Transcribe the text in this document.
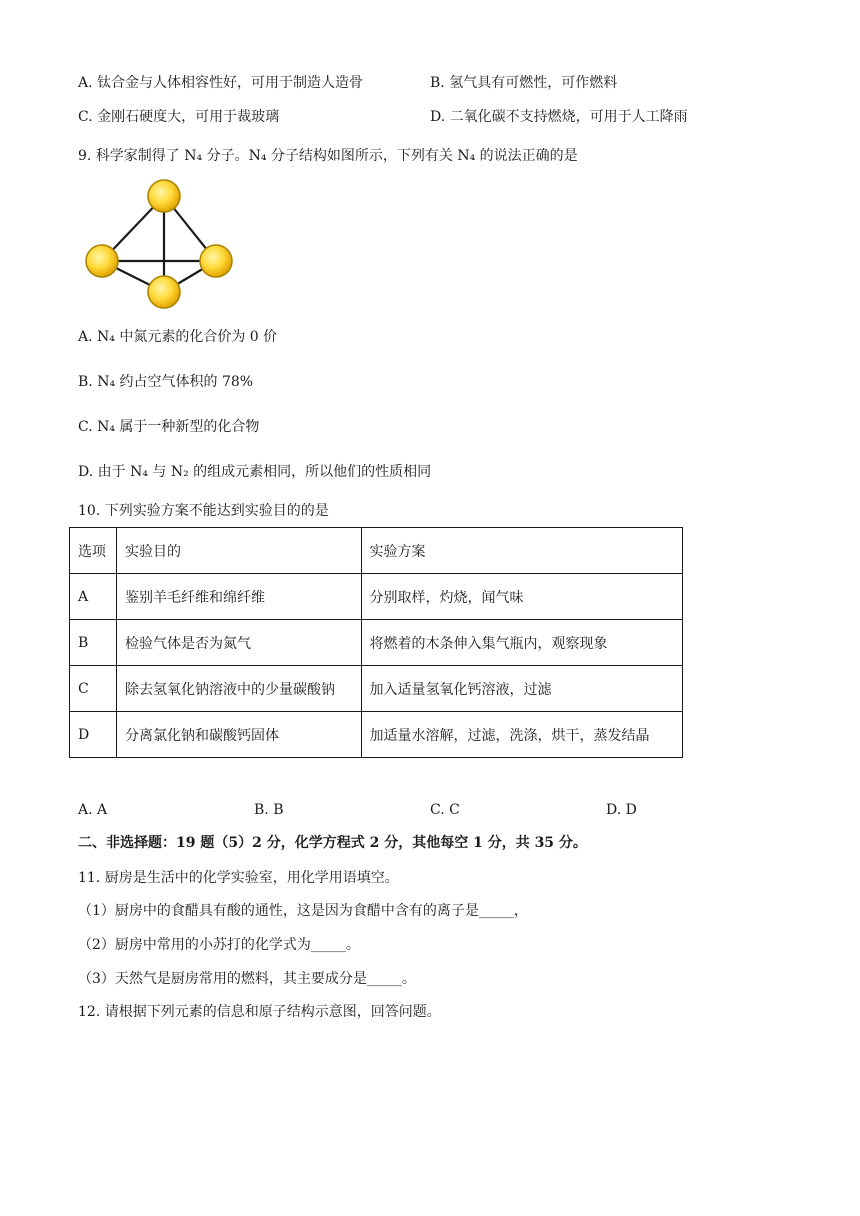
A. 钛合金与人体相容性好，可用于制造人造骨	B. 氢气具有可燃性，可作燃料
C. 金刚石硬度大，可用于裁玻璃	D. 二氧化碳不支持燃烧，可用于人工降雨
9. 科学家制得了 N₄ 分子。N₄ 分子结构如图所示，下列有关 N₄ 的说法正确的是
A. N₄ 中氮元素的化合价为 0 价
B. N₄ 约占空气体积的 78%
C. N₄ 属于一种新型的化合物
D. 由于 N₄ 与 N₂ 的组成元素相同，所以他们的性质相同
10. 下列实验方案不能达到实验目的的是
选项	实验目的	实验方案
A	鉴别羊毛纤维和绵纤维	分别取样，灼烧，闻气味
B	检验气体是否为氮气	将燃着的木条伸入集气瓶内，观察现象
C	除去氢氧化钠溶液中的少量碳酸钠	加入适量氢氧化钙溶液，过滤
D	分离氯化钠和碳酸钙固体	加适量水溶解，过滤，洗涤，烘干，蒸发结晶
A. A	B. B	C. C	D. D
二、非选择题：19 题（5）2 分，化学方程式 2 分，其他每空 1 分，共 35 分。
11. 厨房是生活中的化学实验室，用化学用语填空。
（1）厨房中的食醋具有酸的通性，这是因为食醋中含有的离子是_____，
（2）厨房中常用的小苏打的化学式为_____。
（3）天然气是厨房常用的燃料，其主要成分是_____。
12. 请根据下列元素的信息和原子结构示意图，回答问题。
